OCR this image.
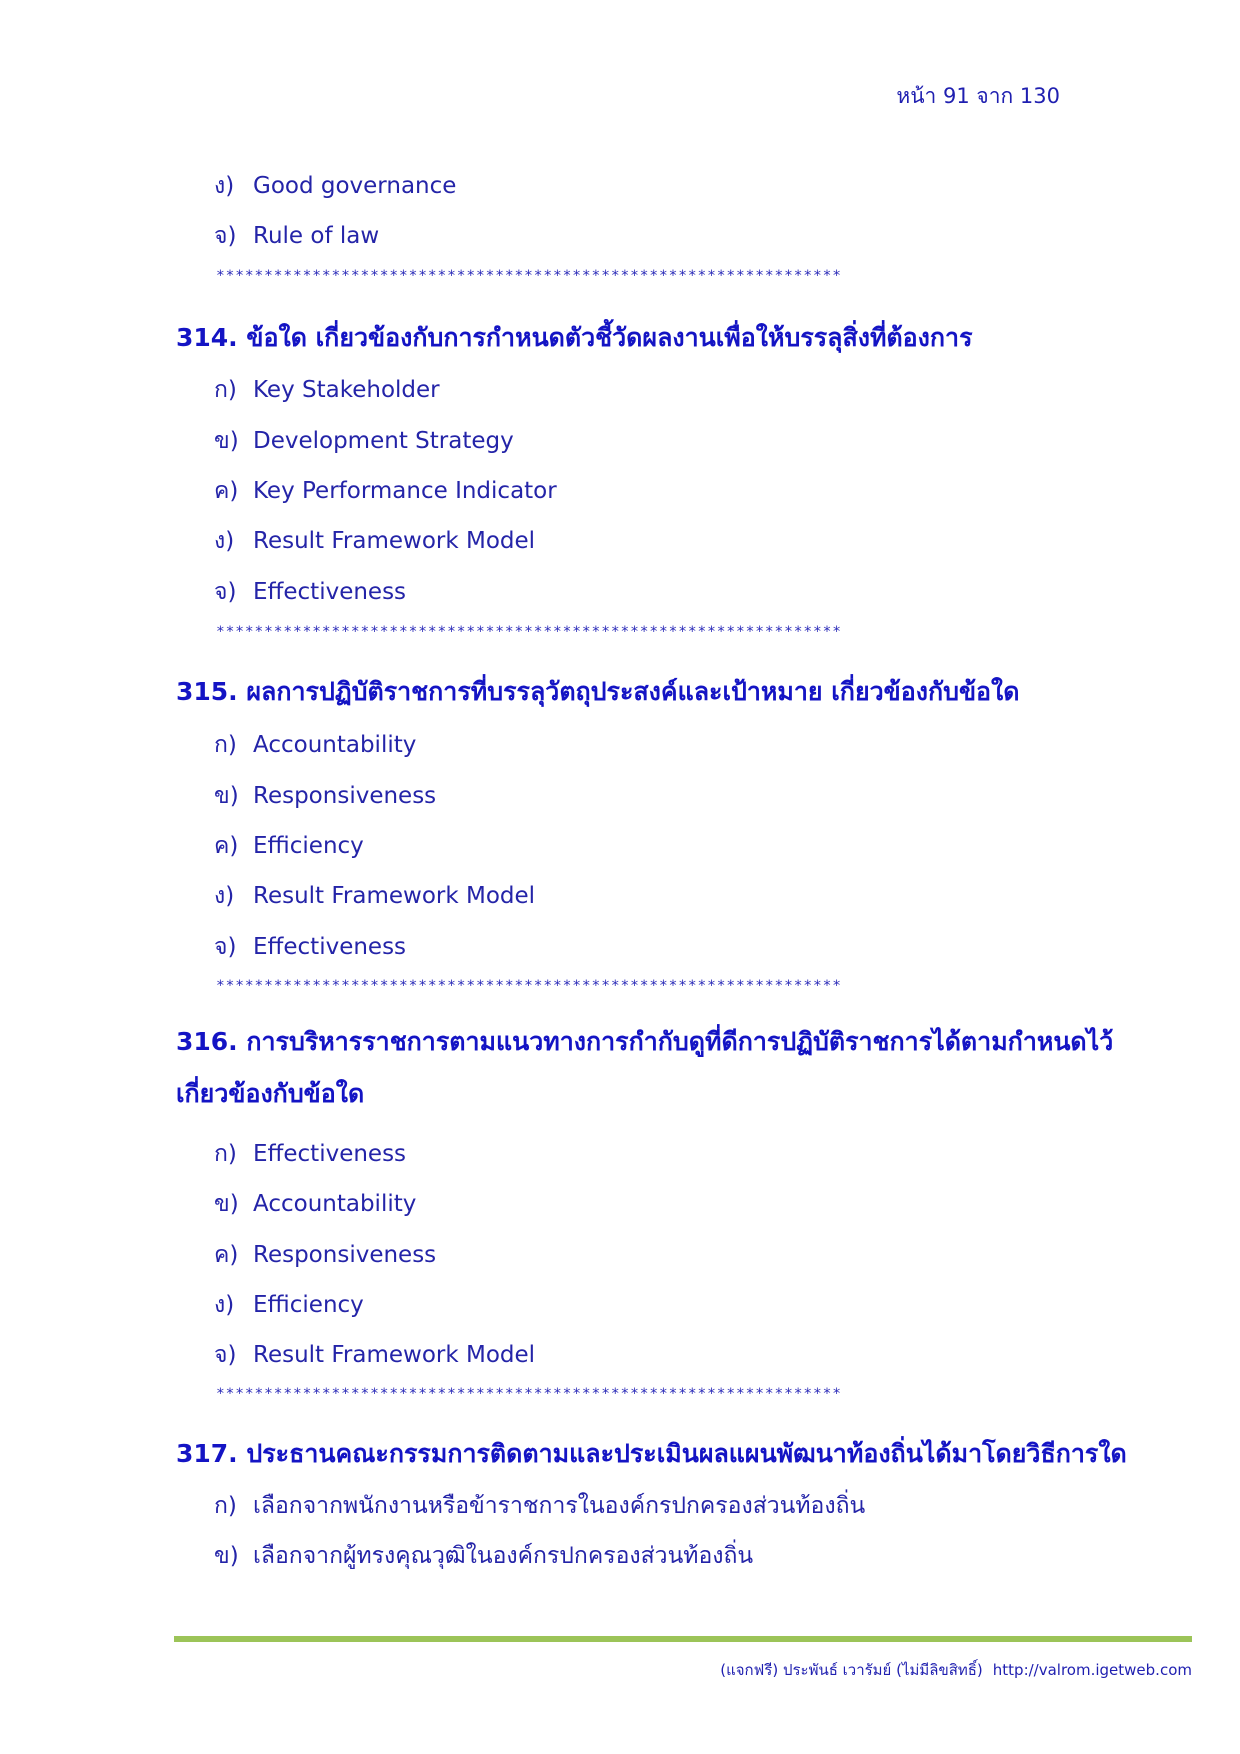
หน้า 91 จาก 130
ง) Good governance
จ) Rule of law
*****************************************************************
314. ข้อใด เกี่ยวข้องกับการกำหนดตัวชี้วัดผลงานเพื่อให้บรรลุสิ่งที่ต้องการ
ก) Key Stakeholder
ข) Development Strategy
ค) Key Performance Indicator
ง) Result Framework Model
จ) Effectiveness
*****************************************************************
315. ผลการปฏิบัติราชการที่บรรลุวัตถุประสงค์และเป้าหมาย เกี่ยวข้องกับข้อใด
ก) Accountability
ข) Responsiveness
ค) Efficiency
ง) Result Framework Model
จ) Effectiveness
*****************************************************************
316. การบริหารราชการตามแนวทางการกำกับดูที่ดีการปฏิบัติราชการได้ตามกำหนดไว้ เกี่ยวข้องกับข้อใด
ก) Effectiveness
ข) Accountability
ค) Responsiveness
ง) Efficiency
จ) Result Framework Model
*****************************************************************
317. ประธานคณะกรรมการติดตามและประเมินผลแผนพัฒนาท้องถิ่นได้มาโดยวิธีการใด
ก) เลือกจากพนักงานหรือข้าราชการในองค์กรปกครองส่วนท้องถิ่น
ข) เลือกจากผู้ทรงคุณวุฒิในองค์กรปกครองส่วนท้องถิ่น
(แจกฟรี) ประพันธ์ เวารัมย์ (ไม่มีลิขสิทธิ์) http://valrom.igetweb.com
